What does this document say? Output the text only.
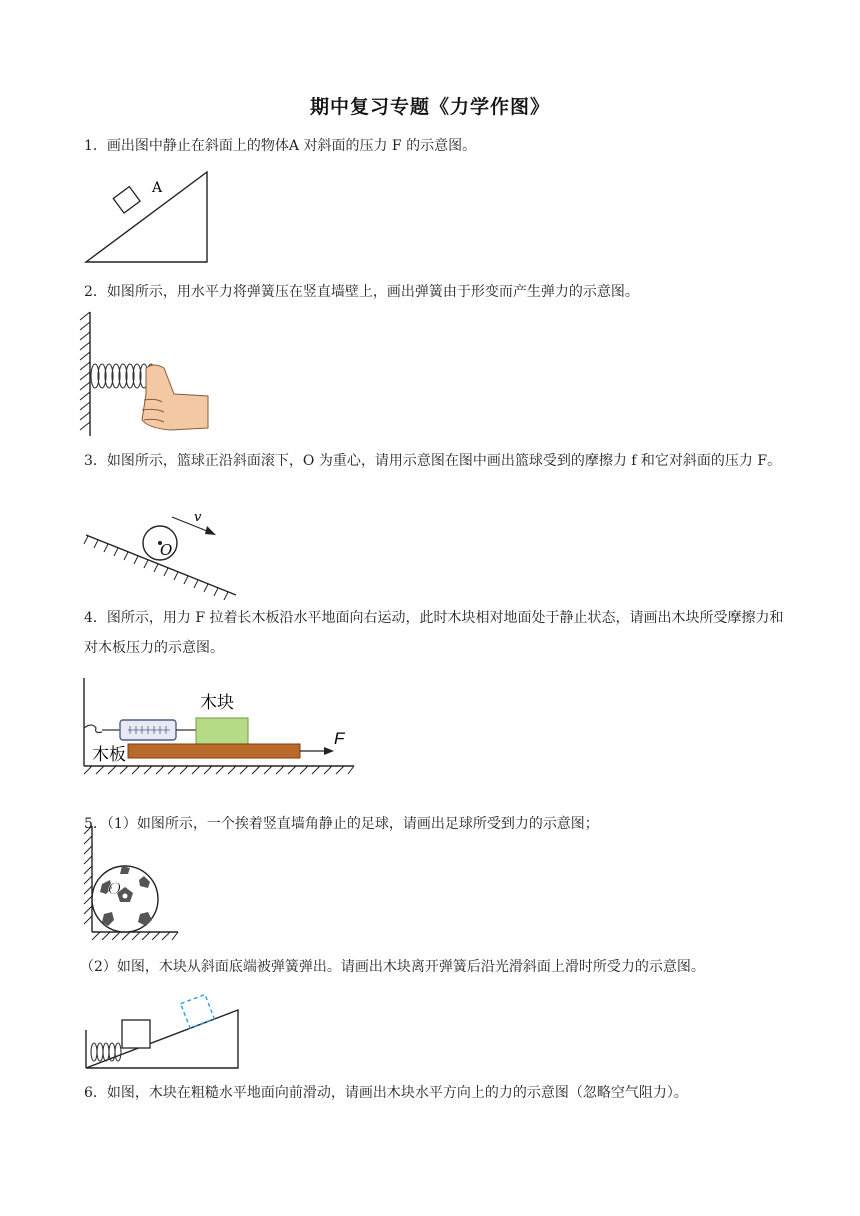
期中复习专题《力学作图》
1．画出图中静止在斜面上的物体A 对斜面的压力 F 的示意图。
A
2．如图所示，用水平力将弹簧压在竖直墙壁上，画出弹簧由于形变而产生弹力的示意图。
3．如图所示，篮球正沿斜面滚下，O 为重心，请用示意图在图中画出篮球受到的摩擦力 f 和它对斜面的压力 F。
O
v
4．图所示，用力 F 拉着长木板沿水平地面向右运动，此时木块相对地面处于静止状态，请画出木块所受摩擦力和对木板压力的示意图。
木块
木板
F
5．（1）如图所示，一个挨着竖直墙角静止的足球，请画出足球所受到力的示意图；
O
（2）如图，木块从斜面底端被弹簧弹出。请画出木块离开弹簧后沿光滑斜面上滑时所受力的示意图。
6．如图，木块在粗糙水平地面向前滑动，请画出木块水平方向上的力的示意图（忽略空气阻力）。
